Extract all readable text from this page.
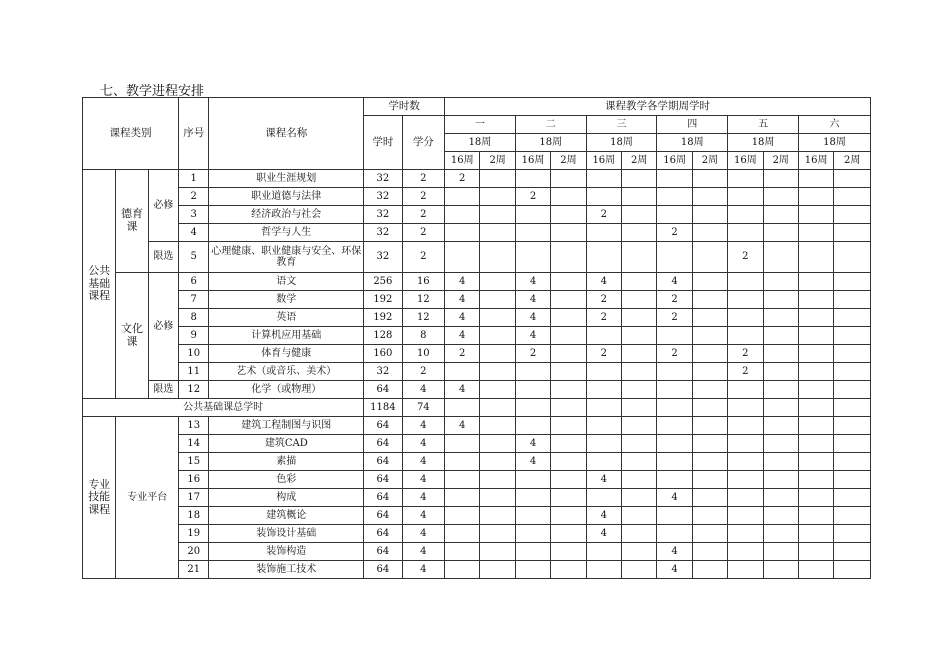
七、教学进程安排
课程类别			序号	课程名称	学时数		课程教学各学期周学时											
					学时	学分	一		二		三		四		五		六	
							18周		18周		18周		18周		18周		18周	
							16周	2周	16周	2周	16周	2周	16周	2周	16周	2周	16周	2周
公共基础课程	德育课	必修	1	职业生涯规划	32	2	2											
			2	职业道德与法律	32	2			2									
			3	经济政治与社会	32	2					2							
			4	哲学与人生	32	2							2					
		限选	5	心理健康、职业健康与安全、环保教育	32	2									2			
	文化课	必修	6	语文	256	16	4		4		4		4					
			7	数学	192	12	4		4		2		2					
			8	英语	192	12	4		4		2		2					
			9	计算机应用基础	128	8	4		4									
			10	体育与健康	160	10	2		2		2		2		2			
			11	艺术（或音乐、美术）	32	2									2			
		限选	12	化学（或物理）	64	4	4											
公共基础课总学时					1184	74												
专业技能课程	专业平台		13	建筑工程制图与识图	64	4	4											
			14	建筑CAD	64	4			4									
			15	素描	64	4			4									
			16	色彩	64	4					4							
			17	构成	64	4							4					
			18	建筑概论	64	4					4							
			19	装饰设计基础	64	4					4							
			20	装饰构造	64	4							4					
			21	装饰施工技术	64	4							4					
